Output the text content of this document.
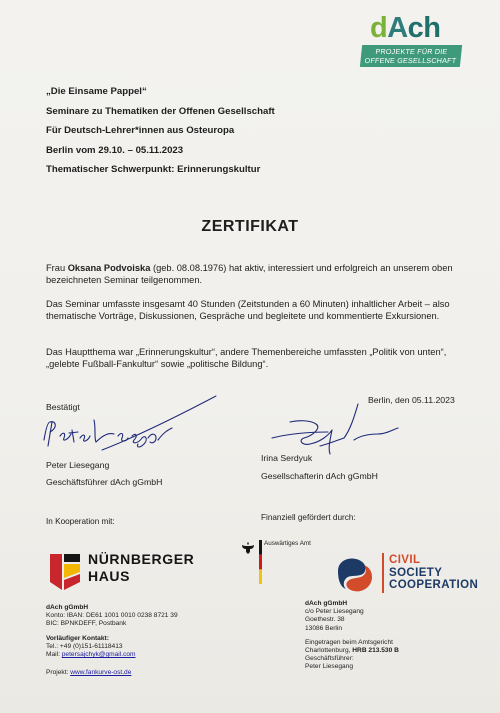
dAch
PROJEKTE FÜR DIE
OFFENE GESELLSCHAFT
„Die Einsame Pappel“
Seminare zu Thematiken der Offenen Gesellschaft
Für Deutsch-Lehrer*innen aus Osteuropa
Berlin vom 29.10. – 05.11.2023
Thematischer Schwerpunkt: Erinnerungskultur
ZERTIFIKAT
Frau Oksana Podvoiska (geb. 08.08.1976) hat aktiv, interessiert und erfolgreich an unserem oben bezeichneten Seminar teilgenommen.
Das Seminar umfasste insgesamt 40 Stunden (Zeitstunden a 60 Minuten) inhaltlicher Arbeit – also thematische Vorträge, Diskussionen, Gespräche und begleitete und kommentierte Exkursionen.
Das Hauptthema war „Erinnerungskultur“, andere Themenbereiche umfassten „Politik von unten“, „gelebte Fußball-Fankultur“ sowie „politische Bildung“.
Bestätigt
Berlin, den 05.11.2023
Peter Liesegang
Geschäftsführer dAch gGmbH
Irina Serdyuk
Gesellschafterin dAch gGmbH
In Kooperation mit:	Finanziell gefördert durch:
NÜRNBERGER
HAUS
Auswärtiges Amt
CIVIL
SOCIETY
COOPERATION
dAch gGmbH
Konto: IBAN: DE61 1001 0010 0238 8721 39
BIC: BPNKDEFF, Postbank
Vorläufiger Kontakt:
Tel.: +49 (0)151-61118413
Mail: petersajchyk@gmail.com
Projekt: www.fankurve-ost.de
dAch gGmbH
c/o Peter Liesegang
Goethestr. 38
13086 Berlin
Eingetragen beim Amtsgericht
Charlottenburg, HRB 213.530 B
Geschäftsführer:
Peter Liesegang
